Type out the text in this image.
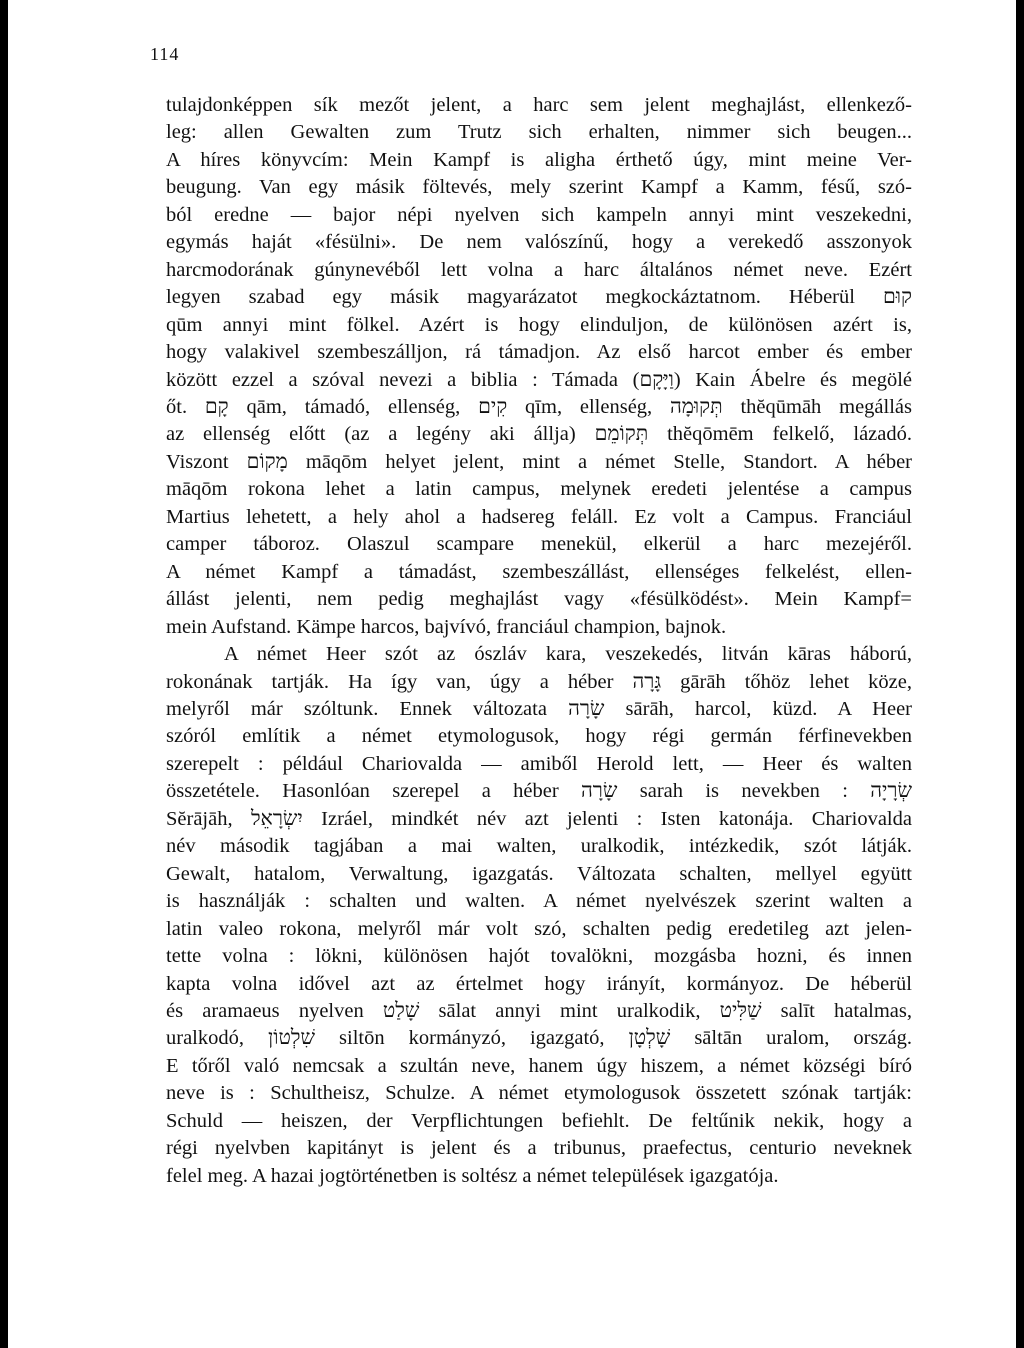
114

tulajdonképpen sík mezőt jelent, a harc sem jelent meghajlást, ellenkező-
leg: allen Gewalten zum Trutz sich erhalten, nimmer sich beugen...
A híres könyvcím: Mein Kampf is aligha érthető úgy, mint meine Ver-
beugung. Van egy másik föltevés, mely szerint Kampf a Kamm, fésű, szó-
ból eredne — bajor népi nyelven sich kampeln annyi mint veszekedni,
egymás haját «fésülni». De nem valószínű, hogy a verekedő asszonyok
harcmodorának gúnynevéből lett volna a harc általános német neve. Ezért
legyen szabad egy másik magyarázatot megkockáztatnom. Héberül קוּם
qūm annyi mint fölkel. Azért is hogy elinduljon, de különösen azért is,
hogy valakivel szembeszálljon, rá támadjon. Az első harcot ember és ember
között ezzel a szóval nevezi a biblia : Támada (וַיָּקָם) Kain Ábelre és megölé
őt. קָם qām, támadó, ellenség, קִים qīm, ellenség, תְּקוּמָה thĕqūmāh megállás
az ellenség előtt (az a legény aki állja) תְּקוֹמֵם thĕqōmēm felkelő, lázadó.
Viszont מָקוֹם māqōm helyet jelent, mint a német Stelle, Standort. A héber
māqōm rokona lehet a latin campus, melynek eredeti jelentése a campus
Martius lehetett, a hely ahol a hadsereg feláll. Ez volt a Campus. Franciául
camper táboroz. Olaszul scampare menekül, elkerül a harc mezejéről.
A német Kampf a támadást, szembeszállást, ellenséges felkelést, ellen-
állást jelenti, nem pedig meghajlást vagy «fésülködést». Mein Kampf=
mein Aufstand. Kämpe harcos, bajvívó, franciául champion, bajnok.

A német Heer szót az ószláv kara, veszekedés, litván kāras háború,
rokonának tartják. Ha így van, úgy a héber גָּרָה gārāh tőhöz lehet köze,
melyről már szóltunk. Ennek változata שָׂרָה sārāh, harcol, küzd. A Heer
szóról említik a német etymologusok, hogy régi germán férfinevekben
szerepelt : például Chariovalda — amiből Herold lett, — Heer és walten
összetétele. Hasonlóan szerepel a héber שָׂרָה sarah is nevekben : שְׂרָיָה
Sĕrājāh, יִשְׂרָאֵל Izráel, mindkét név azt jelenti : Isten katonája. Chariovalda
név második tagjában a mai walten, uralkodik, intézkedik, szót látják.
Gewalt, hatalom, Verwaltung, igazgatás. Változata schalten, mellyel együtt
is használják : schalten und walten. A német nyelvészek szerint walten a
latin valeo rokona, melyről már volt szó, schalten pedig eredetileg azt jelen-
tette volna : lökni, különösen hajót tovalökni, mozgásba hozni, és innen
kapta volna idővel azt az értelmet hogy irányít, kormányoz. De héberül
és aramaeus nyelven שָׁלַט sālat annyi mint uralkodik, שַׁלִּיט salīt hatalmas,
uralkodó, שִׁלְטוֹן siltōn kormányzó, igazgató, שָׁלְטָן sāltān uralom, ország.
E tőről való nemcsak a szultán neve, hanem úgy hiszem, a német községi bíró
neve is : Schultheisz, Schulze. A német etymologusok összetett szónak tartják:
Schuld — heiszen, der Verpflichtungen befiehlt. De feltűnik nekik, hogy a
régi nyelvben kapitányt is jelent és a tribunus, praefectus, centurio neveknek
felel meg. A hazai jogtörténetben is soltész a német települések igazgatója.
